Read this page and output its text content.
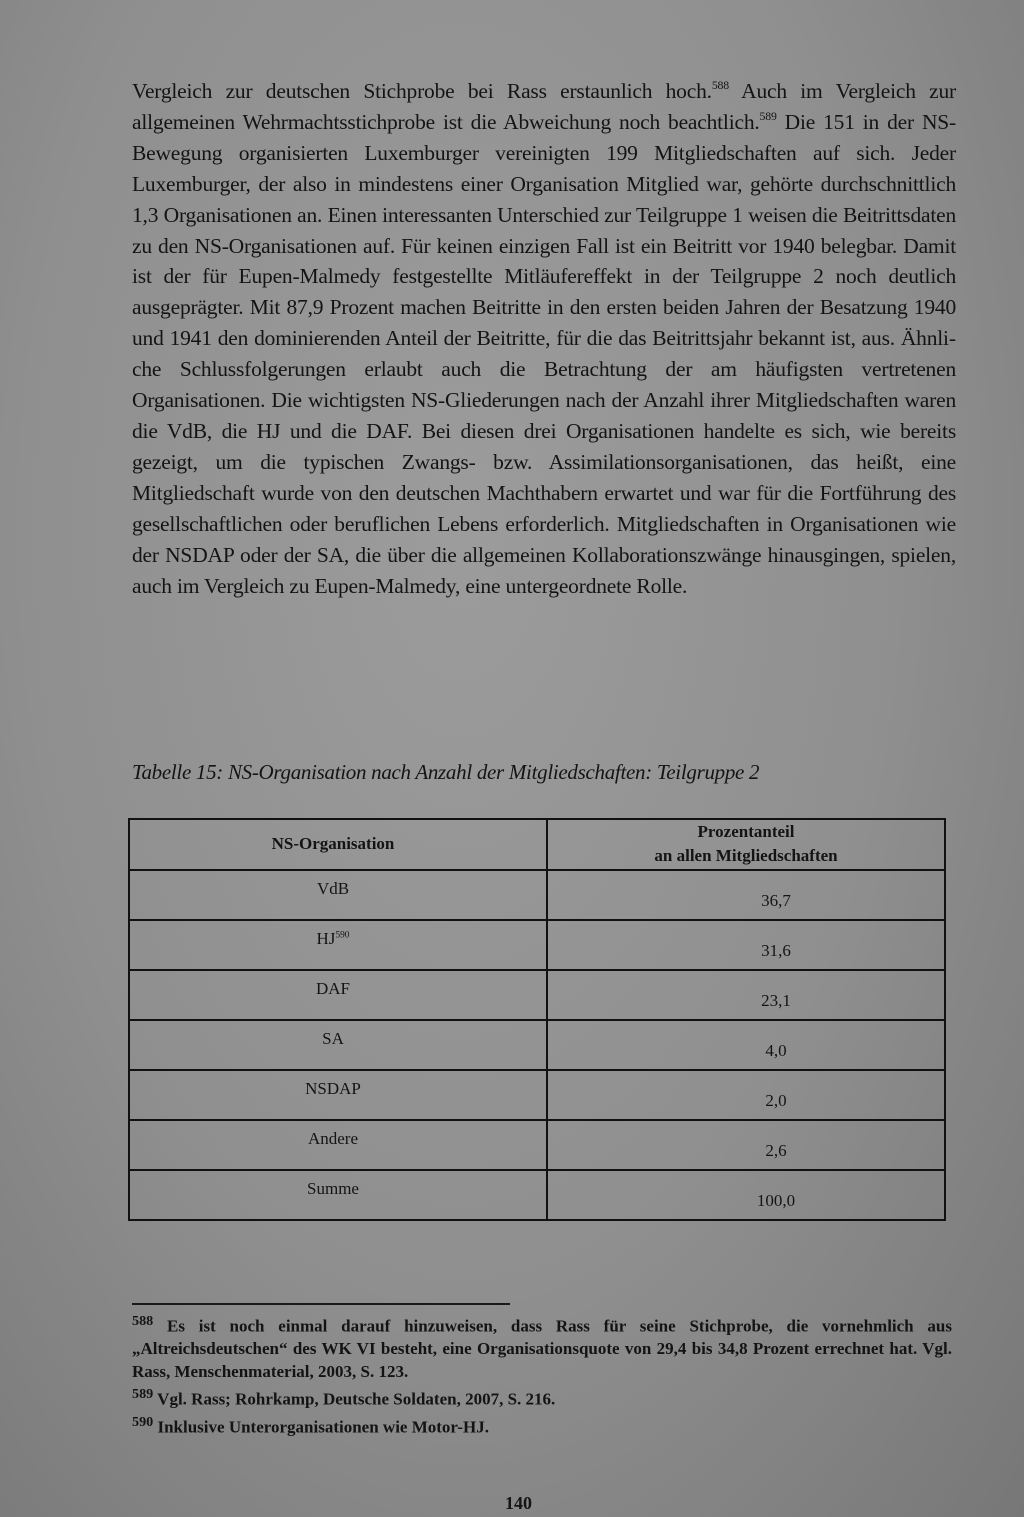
Vergleich zur deutschen Stichprobe bei Rass erstaunlich hoch.$^{588}$ Auch im Vergleich zur allgemeinen Wehrmachtsstichprobe ist die Abweichung noch beachtlich.$^{589}$ Die 151 in der NS-Bewegung organisierten Luxemburger vereinigten 199 Mitgliedschaften auf sich. Jeder Luxemburger, der also in mindestens einer Organisation Mitglied war, gehörte durchschnittlich 1,3 Organisationen an. Einen interessanten Unterschied zur Teilgruppe 1 weisen die Beitrittsdaten zu den NS-Organisationen auf. Für keinen einzigen Fall ist ein Beitritt vor 1940 belegbar. Damit ist der für Eupen-Malmedy festgestellte Mitläufereffekt in der Teilgruppe 2 noch deutlich ausgeprägter. Mit 87,9 Prozent machen Beitritte in den ersten beiden Jahren der Besatzung 1940 und 1941 den dominierenden Anteil der Beitritte, für die das Beitrittsjahr bekannt ist, aus. Ähnliche Schlussfolgerungen erlaubt auch die Betrachtung der am häufigsten vertretenen Organisationen. Die wichtigsten NS-Gliederungen nach der Anzahl ihrer Mitgliedschaften waren die VdB, die HJ und die DAF. Bei diesen drei Organisationen handelte es sich, wie bereits gezeigt, um die typischen Zwangs- bzw. Assimilationsorganisationen, das heißt, eine Mitgliedschaft wurde von den deutschen Machthabern erwartet und war für die Fortführung des gesellschaftlichen oder beruflichen Lebens erforderlich. Mitgliedschaften in Organisationen wie der NSDAP oder der SA, die über die allgemeinen Kollaborationszwänge hinausgingen, spielen, auch im Vergleich zu Eupen-Malmedy, eine untergeordnete Rolle.

Tabelle 15: NS-Organisation nach Anzahl der Mitgliedschaften: Teilgruppe 2
NS-Organisation	Prozentanteil
an allen Mitgliedschaften
VdB	36,7
HJ$^{590}$	31,6
DAF	23,1
SA	4,0
NSDAP	2,0
Andere	2,6
Summe	100,0

$^{588}$ Es ist noch einmal darauf hinzuweisen, dass Rass für seine Stichprobe, die vornehmlich aus „Altreichsdeutschen“ des WK VI besteht, eine Organisationsquote von 29,4 bis 34,8 Prozent errechnet hat. Vgl. Rass, Menschenmaterial, 2003, S. 123.

$^{589}$ Vgl. Rass; Rohrkamp, Deutsche Soldaten, 2007, S. 216.

$^{590}$ Inklusive Unterorganisationen wie Motor-HJ.

140
